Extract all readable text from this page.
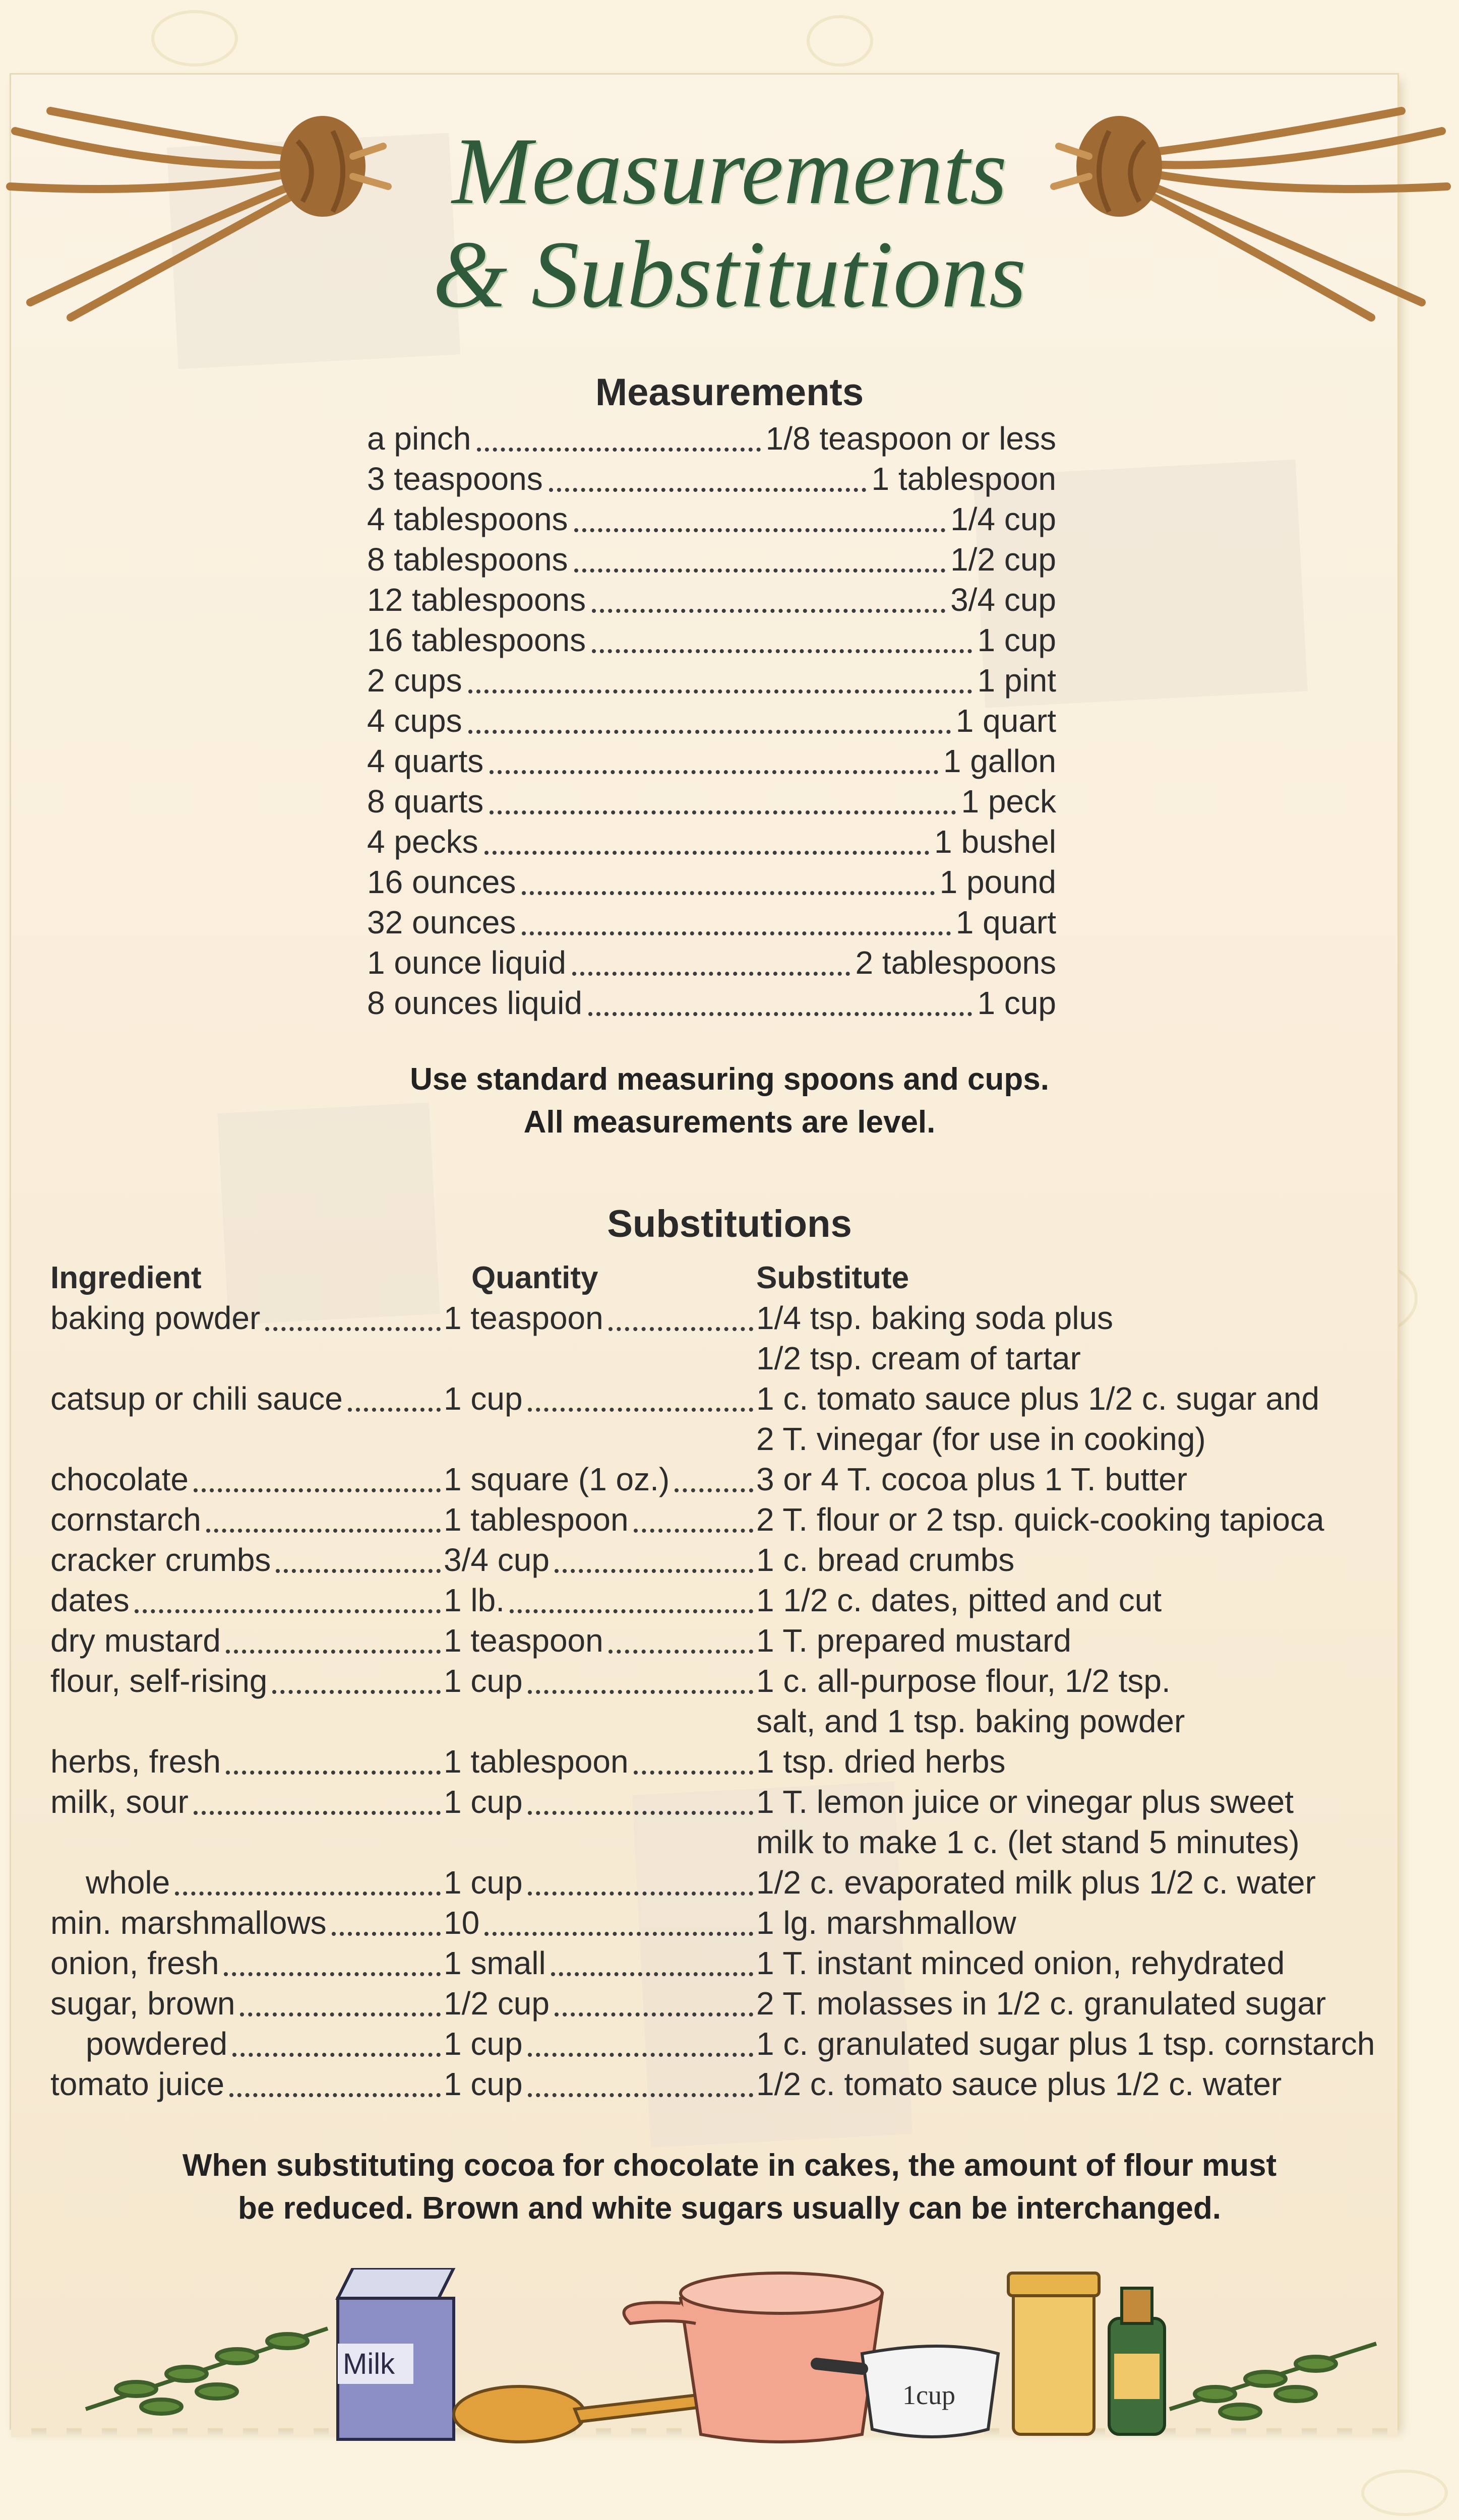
Measurements
& Substitutions
Measurements
a pinch	1/8 teaspoon or less
3 teaspoons	1 tablespoon
4 tablespoons	1/4 cup
8 tablespoons	1/2 cup
12 tablespoons	3/4 cup
16 tablespoons	1 cup
2 cups	1 pint
4 cups	1 quart
4 quarts	1 gallon
8 quarts	1 peck
4 pecks	1 bushel
16 ounces	1 pound
32 ounces	1 quart
1 ounce liquid	2 tablespoons
8 ounces liquid	1 cup
Use standard measuring spoons and cups.
All measurements are level.
Substitutions
Ingredient	Quantity	Substitute
baking powder	1 teaspoon	1/4 tsp. baking soda plus
1/2 tsp. cream of tartar
catsup or chili sauce	1 cup	1 c. tomato sauce plus 1/2 c. sugar and
2 T. vinegar (for use in cooking)
chocolate	1 square (1 oz.)	3 or 4 T. cocoa plus 1 T. butter
cornstarch	1 tablespoon	2 T. flour or 2 tsp. quick-cooking tapioca
cracker crumbs	3/4 cup	1 c. bread crumbs
dates	1 lb.	1 1/2 c. dates, pitted and cut
dry mustard	1 teaspoon	1 T. prepared mustard
flour, self-rising	1 cup	1 c. all-purpose flour, 1/2 tsp.
salt, and 1 tsp. baking powder
herbs, fresh	1 tablespoon	1 tsp. dried herbs
milk, sour	1 cup	1 T. lemon juice or vinegar plus sweet
milk to make 1 c. (let stand 5 minutes)
whole	1 cup	1/2 c. evaporated milk plus 1/2 c. water
min. marshmallows	10	1 lg. marshmallow
onion, fresh	1 small	1 T. instant minced onion, rehydrated
sugar, brown	1/2 cup	2 T. molasses in 1/2 c. granulated sugar
powdered	1 cup	1 c. granulated sugar plus 1 tsp. cornstarch
tomato juice	1 cup	1/2 c. tomato sauce plus 1/2 c. water
When substituting cocoa for chocolate in cakes, the amount of flour must
be reduced. Brown and white sugars usually can be interchanged.
Milk
1cup
